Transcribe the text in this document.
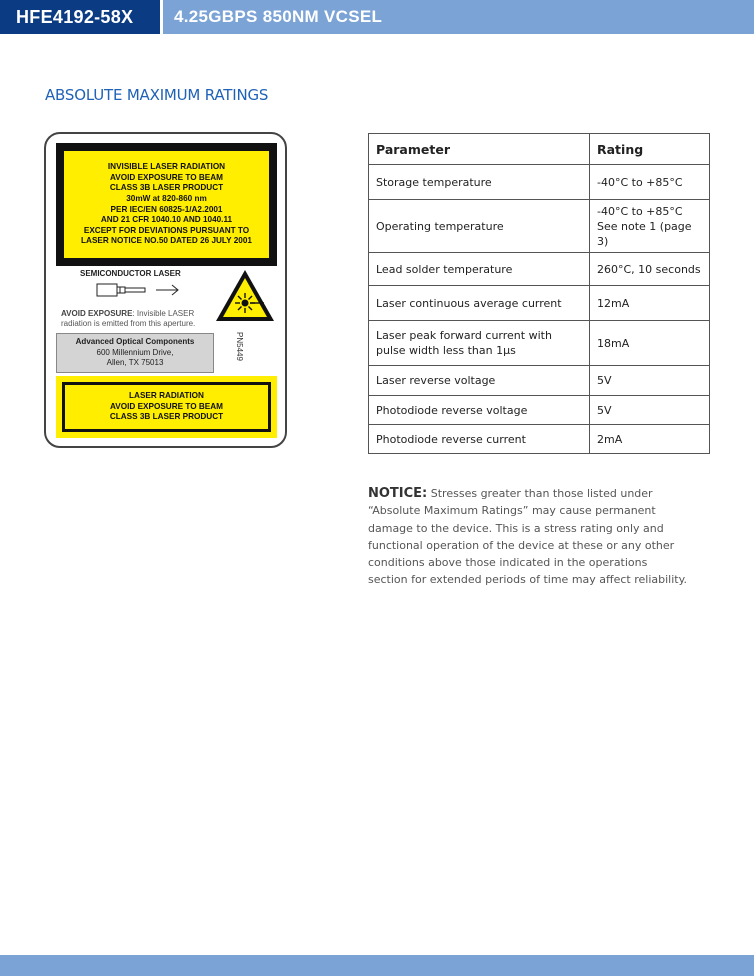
HFE4192-58X	4.25GBPS 850NM VCSEL
ABSOLUTE MAXIMUM RATINGS
INVISIBLE LASER RADIATION
AVOID EXPOSURE TO BEAM
CLASS 3B LASER PRODUCT
30mW at 820-860 nm
PER IEC/EN 60825-1/A2.2001
AND 21 CFR 1040.10 AND 1040.11
EXCEPT FOR DEVIATIONS PURSUANT TO
LASER NOTICE NO.50 DATED 26 JULY 2001
SEMICONDUCTOR LASER
AVOID EXPOSURE: Invisible LASER radiation is emitted from this aperture.
Advanced Optical Components
600 Millennium Drive,
Allen, TX 75013
PN5449
LASER RADIATION
AVOID EXPOSURE TO BEAM
CLASS 3B LASER PRODUCT
Parameter	Rating
Storage temperature	-40°C to +85°C
Operating temperature	-40°C to +85°C
See note 1 (page 3)

Lead solder temperature	260°C, 10 seconds
Laser continuous average current	12mA
Laser peak forward current with pulse width less than 1μs	18mA
Laser reverse voltage	5V
Photodiode reverse voltage	5V
Photodiode reverse current	2mA
NOTICE: Stresses greater than those listed under “Absolute Maximum Ratings” may cause permanent damage to the device. This is a stress rating only and functional operation of the device at these or any other conditions above those indicated in the operations section for extended periods of time may affect reliability.
